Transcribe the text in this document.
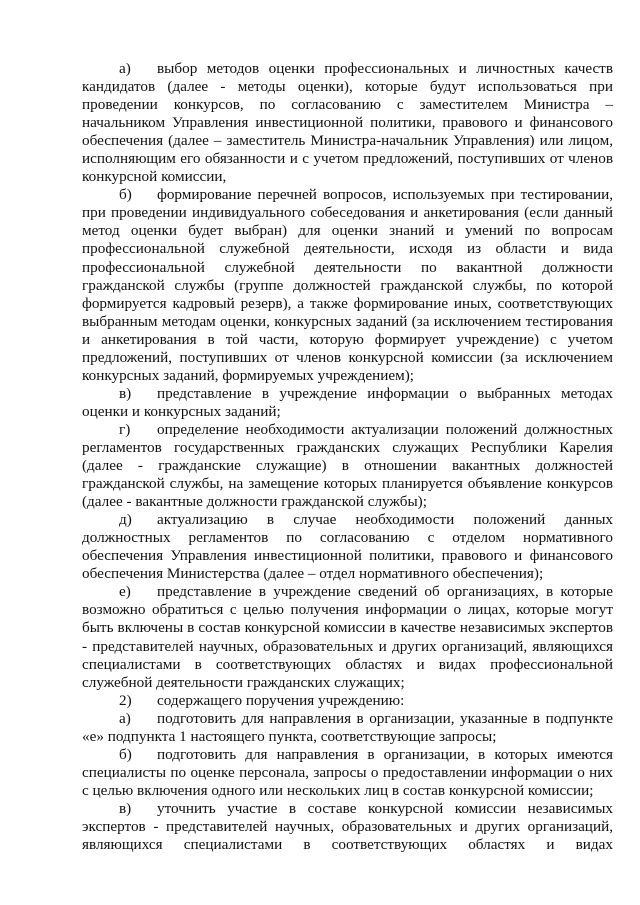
а) выбор методов оценки профессиональных и личностных качеств кандидатов (далее - методы оценки), которые будут использоваться при проведении конкурсов, по согласованию с заместителем Министра – начальником Управления инвестиционной политики, правового и финансового обеспечения (далее – заместитель Министра-начальник Управления) или лицом, исполняющим его обязанности и с учетом предложений, поступивших от членов конкурсной комиссии,

б) формирование перечней вопросов, используемых при тестировании, при проведении индивидуального собеседования и анкетирования (если данный метод оценки будет выбран) для оценки знаний и умений по вопросам профессиональной служебной деятельности, исходя из области и вида профессиональной служебной деятельности по вакантной должности гражданской службы (группе должностей гражданской службы, по которой формируется кадровый резерв), а также формирование иных, соответствующих выбранным методам оценки, конкурсных заданий (за исключением тестирования и анкетирования в той части, которую формирует учреждение) с учетом предложений, поступивших от членов конкурсной комиссии (за исключением конкурсных заданий, формируемых учреждением);

в) представление в учреждение информации о выбранных методах оценки и конкурсных заданий;

г) определение необходимости актуализации положений должностных регламентов государственных гражданских служащих Республики Карелия (далее - гражданские служащие) в отношении вакантных должностей гражданской службы, на замещение которых планируется объявление конкурсов (далее - вакантные должности гражданской службы);

д) актуализацию в случае необходимости положений данных должностных регламентов по согласованию с отделом нормативного обеспечения Управления инвестиционной политики, правового и финансового обеспечения Министерства (далее – отдел нормативного обеспечения);

е) представление в учреждение сведений об организациях, в которые возможно обратиться с целью получения информации о лицах, которые могут быть включены в состав конкурсной комиссии в качестве независимых экспертов - представителей научных, образовательных и других организаций, являющихся специалистами в соответствующих областях и видах профессиональной служебной деятельности гражданских служащих;

2) содержащего поручения учреждению:

а) подготовить для направления в организации, указанные в подпункте «е» подпункта 1 настоящего пункта, соответствующие запросы;

б) подготовить для направления в организации, в которых имеются специалисты по оценке персонала, запросы о предоставлении информации о них с целью включения одного или нескольких лиц в состав конкурсной комиссии;

в) уточнить участие в составе конкурсной комиссии независимых экспертов - представителей научных, образовательных и других организаций, являющихся специалистами в соответствующих областях и видах
